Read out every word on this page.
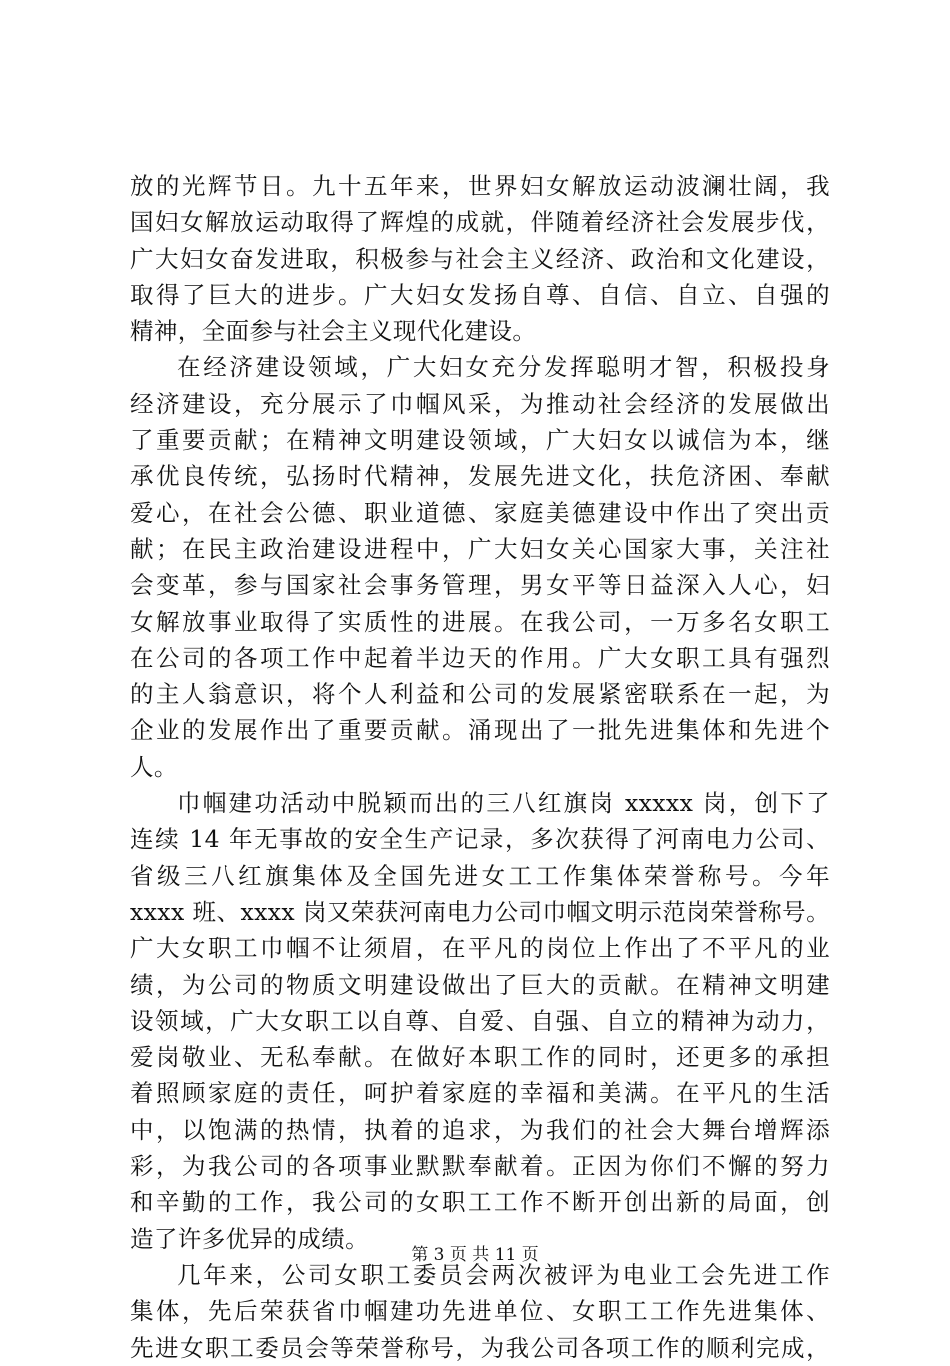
放的光辉节日。九十五年来，世界妇女解放运动波澜壮阔，我
国妇女解放运动取得了辉煌的成就，伴随着经济社会发展步伐，
广大妇女奋发进取，积极参与社会主义经济、政治和文化建设，
取得了巨大的进步。广大妇女发扬自尊、自信、自立、自强的
精神，全面参与社会主义现代化建设。
在经济建设领域，广大妇女充分发挥聪明才智，积极投身
经济建设，充分展示了巾帼风采，为推动社会经济的发展做出
了重要贡献；在精神文明建设领域，广大妇女以诚信为本，继
承优良传统，弘扬时代精神，发展先进文化，扶危济困、奉献
爱心，在社会公德、职业道德、家庭美德建设中作出了突出贡
献；在民主政治建设进程中，广大妇女关心国家大事，关注社
会变革，参与国家社会事务管理，男女平等日益深入人心，妇
女解放事业取得了实质性的进展。在我公司，一万多名女职工
在公司的各项工作中起着半边天的作用。广大女职工具有强烈
的主人翁意识，将个人利益和公司的发展紧密联系在一起，为
企业的发展作出了重要贡献。涌现出了一批先进集体和先进个
人。
巾帼建功活动中脱颖而出的三八红旗岗 xxxxx 岗，创下了
连续 14 年无事故的安全生产记录，多次获得了河南电力公司、
省级三八红旗集体及全国先进女工工作集体荣誉称号。今年
xxxx 班、xxxx 岗又荣获河南电力公司巾帼文明示范岗荣誉称号。
广大女职工巾帼不让须眉，在平凡的岗位上作出了不平凡的业
绩，为公司的物质文明建设做出了巨大的贡献。在精神文明建
设领域，广大女职工以自尊、自爱、自强、自立的精神为动力，
爱岗敬业、无私奉献。在做好本职工作的同时，还更多的承担
着照顾家庭的责任，呵护着家庭的幸福和美满。在平凡的生活
中，以饱满的热情，执着的追求，为我们的社会大舞台增辉添
彩，为我公司的各项事业默默奉献着。正因为你们不懈的努力
和辛勤的工作，我公司的女职工工作不断开创出新的局面，创
造了许多优异的成绩。
几年来，公司女职工委员会两次被评为电业工会先进工作
集体，先后荣获省巾帼建功先进单位、女职工工作先进集体、
先进女职工委员会等荣誉称号，为我公司各项工作的顺利完成，
第 3 页 共 11 页
